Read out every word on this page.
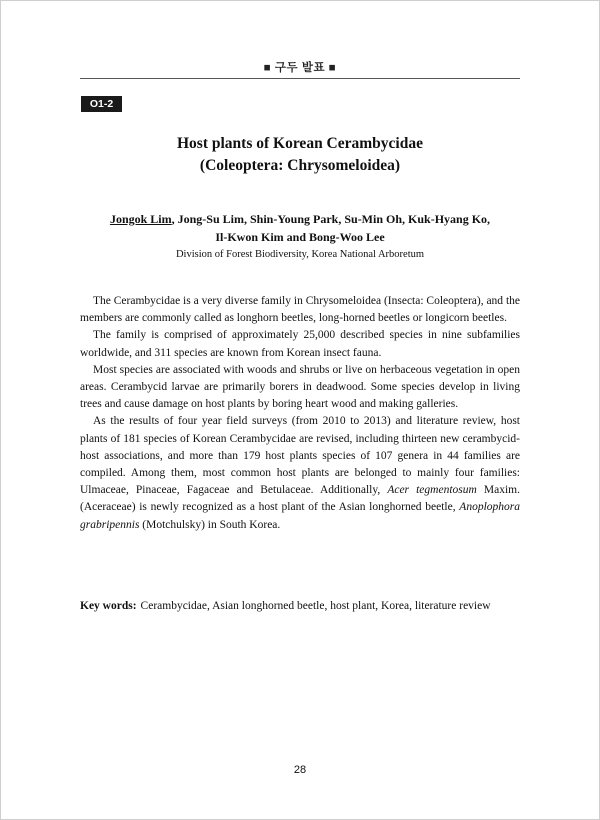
■ 구두 발표 ■
O1-2
Host plants of Korean Cerambycidae
(Coleoptera: Chrysomeloidea)
Jongok Lim, Jong-Su Lim, Shin-Young Park, Su-Min Oh, Kuk-Hyang Ko,
Il-Kwon Kim and Bong-Woo Lee
Division of Forest Biodiversity, Korea National Arboretum

The Cerambycidae is a very diverse family in Chrysomeloidea (Insecta: Coleoptera), and the members are commonly called as longhorn beetles, long-horned beetles or longicorn beetles.

The family is comprised of approximately 25,000 described species in nine subfamilies worldwide, and 311 species are known from Korean insect fauna.

Most species are associated with woods and shrubs or live on herbaceous vegetation in open areas. Cerambycid larvae are primarily borers in deadwood. Some species develop in living trees and cause damage on host plants by boring heart wood and making galleries.

As the results of four year field surveys (from 2010 to 2013) and literature review, host plants of 181 species of Korean Cerambycidae are revised, including thirteen new cerambycid-host associations, and more than 179 host plants species of 107 genera in 44 families are compiled. Among them, most common host plants are belonged to mainly four families: Ulmaceae, Pinaceae, Fagaceae and Betulaceae. Additionally, Acer tegmentosum Maxim. (Aceraceae) is newly recognized as a host plant of the Asian longhorned beetle, Anoplophora grabripennis (Motchulsky) in South Korea.

Key words: Cerambycidae, Asian longhorned beetle, host plant, Korea, literature review
28
